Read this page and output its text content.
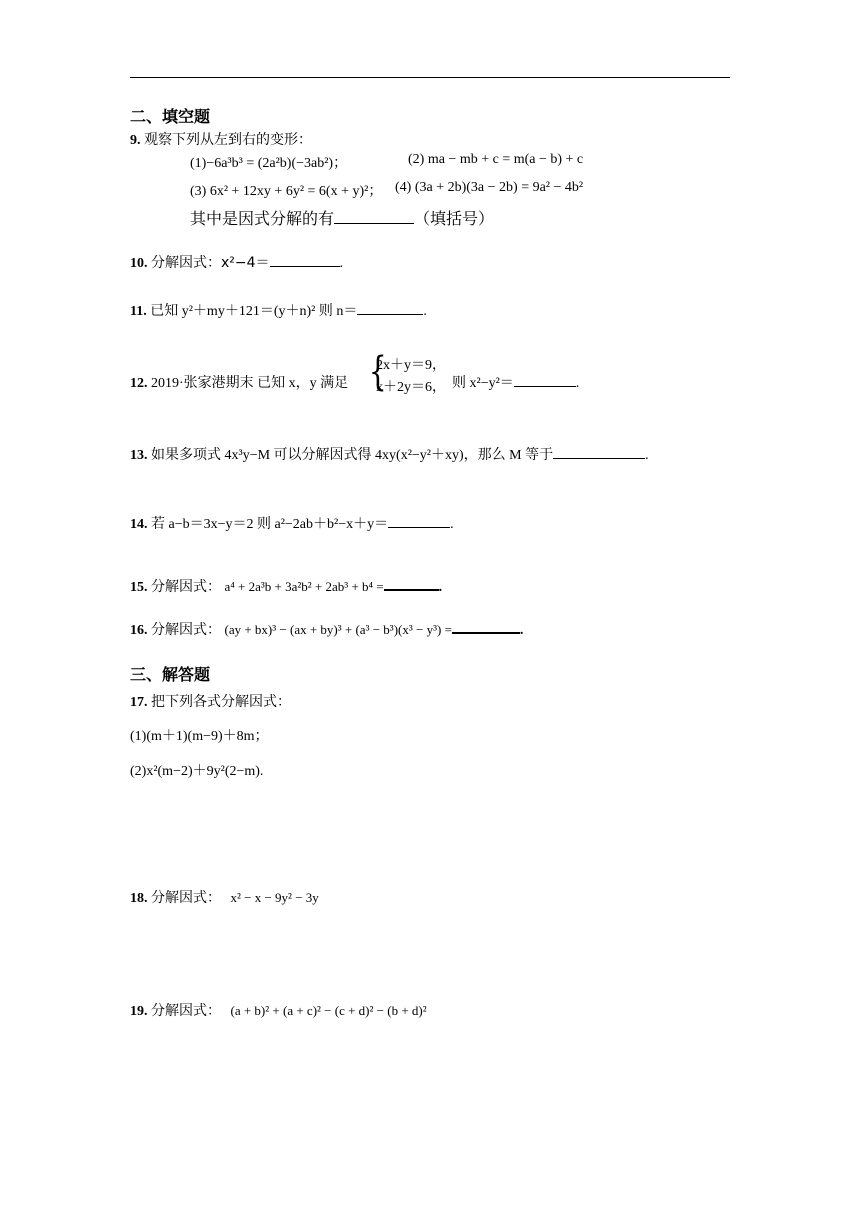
二、填空题
9. 观察下列从左到右的变形：
(1)−6a³b³ = (2a²b)(−3ab²)；	(2) ma − mb + c = m(a − b) + c
(3) 6x² + 12xy + 6y² = 6(x + y)²； (4) (3a + 2b)(3a − 2b) = 9a² − 4b²
其中是因式分解的有	（填括号）
10. 分解因式：x²−4＝	.
11. 已知 y²＋my＋121＝(y＋n)² 则 n＝	.
12. 2019·张家港期末 已知 x，y 满足 {
2x＋y＝9，
x＋2y＝6， 则 x²−y²＝	.
13. 如果多项式 4x³y−M 可以分解因式得 4xy(x²−y²＋xy)，那么 M 等于	.
14. 若 a−b＝3x−y＝2 则 a²−2ab＋b²−x＋y＝	.
15. 分解因式： a⁴ + 2a³b + 3a²b² + 2ab³ + b⁴ =	.
16. 分解因式： (ay + bx)³ − (ax + by)³ + (a³ − b³)(x³ − y³) =	.
三、解答题
17. 把下列各式分解因式：
(1)(m＋1)(m−9)＋8m；
(2)x²(m−2)＋9y²(2−m).
18. 分解因式： x² − x − 9y² − 3y
19. 分解因式： (a + b)² + (a + c)² − (c + d)² − (b + d)²
